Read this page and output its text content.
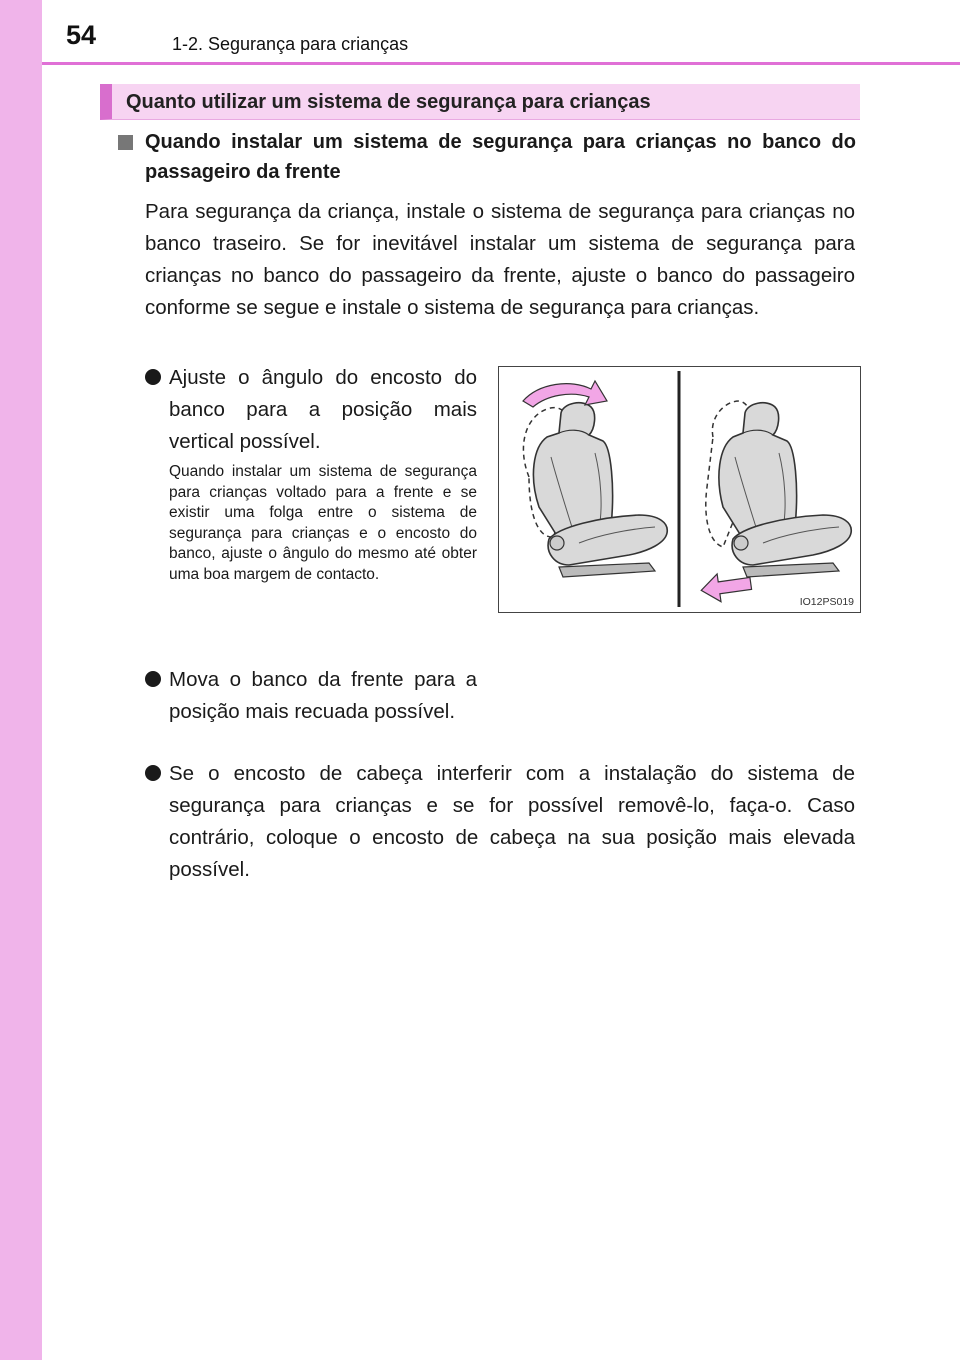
54	1-2. Segurança para crianças
Quanto utilizar um sistema de segurança para crianças
Quando instalar um sistema de segurança para crianças no banco do passageiro da frente

Para segurança da criança, instale o sistema de segurança para crianças no banco traseiro. Se for inevitável instalar um sistema de segurança para crianças no banco do passageiro da frente, ajuste o banco do passageiro conforme se segue e instale o sistema de segurança para crianças.

Ajuste o ângulo do encosto do banco para a posição mais vertical possível.

Quando instalar um sistema de segurança para crianças voltado para a frente e se existir uma folga entre o sistema de segurança para crianças e o encosto do banco, ajuste o ângulo do mesmo até obter uma boa margem de contacto.

Mova o banco da frente para a posição mais recuada possível.
Se o encosto de cabeça interferir com a instalação do sistema de segurança para crianças e se for possível removê-lo, faça-o. Caso contrário, coloque o encosto de cabeça na sua posição mais elevada possível.
IO12PS019
